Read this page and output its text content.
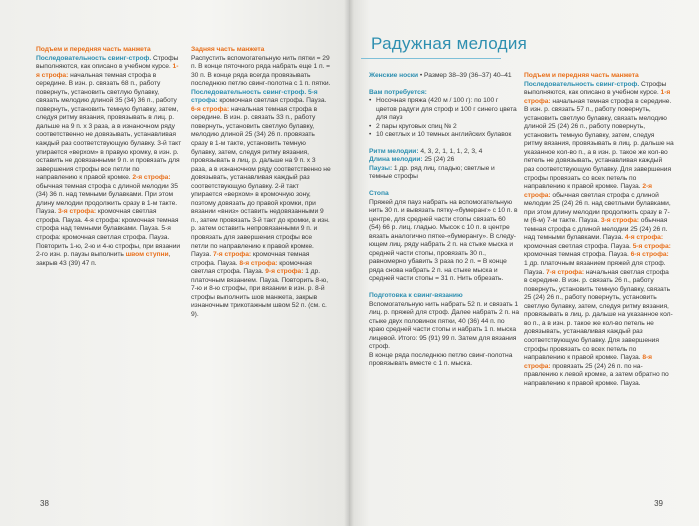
Подъем и передняя часть манжета

Последовательность свинг-строф. Строфы выполняются, как описано в учебном курсе. 1-я строфа: начальная темная строфа в середине. В изн. р. связать 68 п., работу повернуть, установить светлую булавку, связать мелодию длиной 35 (34) 36 п., работу повернуть, установить темную булавку, затем, следуя ритму вязания, провязывать в лиц. р. дальше на 9 п. x 3 раза, а в изнаночном ряду соответственно не довязывать, устанавливая каждый раз соответствующую булавку. 3-й такт упирается «верхом» в правую кромку, в изн. р. оставить не довязанными 9 п. и провязать для завершения строфы все петли по направлению к правой кромке. 2-я строфа: обычная темная строфа с длиной мелодии 35 (34) 36 п. над темными булавками. При этом длину мелодии продолжить сразу в 1-м такте. Пауза. 3-я строфа: кромочная светлая строфа. Пауза. 4-я строфа: кромочная темная строфа над темными булавками. Пауза. 5-я строфа: кромочная светлая строфа. Пауза. Повторить 1-ю, 2-ю и 4-ю строфы, при вязании 2-го изн. р. паузы выполнить швом ступни, закрыв 43 (39) 47 п.

Задняя часть манжета

Распустить вспомогательную нить пятки = 29 п. В конце пяточного ряда набрать еще 1 п. = 30 п. В конце ряда всегда провязывать последнюю петлю свинг-полотна с 1 п. пятки.

Последовательность свинг-строф. 5-я строфа: кромочная светлая строфа. Пауза. 6-я строфа: начальная темная строфа в середине. В изн. р. связать 33 п., работу повернуть, установить светлую булавку, мелодию длиной 25 (34) 26 п. провязать сразу в 1-м такте, установить темную булавку, затем, следуя ритму вязания, провязывать в лиц. р. дальше на 9 п. x 3 раза, а в изнаночном ряду соответственно не довязывать, устанавливая каждый раз соответствующую булавку. 2-й такт упирается «верхом» в кромочную зону, поэтому довязать до правой кромки, при вязании «вниз» оставить недовязанными 9 п., затем провязать 3-й такт до кромки, в изн. р. затем оставить непровязанными 9 п. и провязать для завершения строфы все петли по направлению к правой кромке. Пауза. 7-я строфа: кромочная темная строфа. Пауза. 8-я строфа: кромочная светлая строфа. Пауза. 9-я строфа: 1 др. платочным вязанием. Пауза. Повторить 8-ю, 7-ю и 8-ю строфы, при вязании в изн. р. 8-й строфы выполнить шов манжета, закрыв изнаночным трикотажным швом 52 п. (см. с. 9).

38
Радужная мелодия

Женские носки • Размер 38–39 (36–37) 40–41

Вам потребуется:

• Носочная пряжа (420 м / 100 г): по 100 г цветов радуги для строф и 100 г синего цвета для пауз
• 2 пары круговых спиц № 2
• 10 светлых и 10 темных английских булавок

Ритм мелодии: 4, 3, 2, 1, 1, 1, 2, 3, 4

Длина мелодии: 25 (24) 26

Паузы: 1 др. ряд лиц. гладью; светлые и темные строфы

Стопа

Пряжей для пауз набрать на вспомогательную нить 30 п. и вывязать пятку-«бумеранг» с 10 п. в центре, для средней части стопы связать 60 (54) 66 р. лиц. гладью. Мысок с 10 п. в центре вязать аналогично пятке-«бумерангу». В следующем лиц. ряду набрать 2 п. на стыке мыска и средней части стопы, провязать 30 п., равномерно убавить 3 раза по 2 п. = В конце ряда снова набрать 2 п. на стыке мыска и средней части стопы = 31 п. Нить обрезать.

Подготовка к свинг-вязанию

Вспомогательную нить набрать 52 п. и связать 1 лиц. р. пряжей для строф. Далее набрать 2 п. на стыке двух половинок пятки, 40 (36) 44 п. по краю средней части стопы и набрать 1 п. мыска лицевой. Итого: 95 (91) 99 п. Затем для вязания строф.

В конце ряда последнюю петлю свинг-полотна провязывать вместе с 1 п. мыска.

Подъем и передняя часть манжета

Последовательность свинг-строф. Строфы выполняются, как описано в учебном курсе. 1-я строфа: начальная темная строфа в середине. В изн. р. связать 57 п., работу повернуть, установить светлую булавку, связать мелодию длиной 25 (24) 26 п., работу повернуть, установить темную булавку, затем, следуя ритму вязания, провязывать в лиц. р. дальше на указанное кол-во п., а в изн. р. такое же кол-во петель не довязывать, устанавливая каждый раз соответствующую булавку. Для завершения строфы провязать со всех петель по направлению к правой кромке. Пауза. 2-я строфа: обычная светлая строфа с длиной мелодии 25 (24) 26 п. над светлыми булавками, при этом длину мелодии продолжить сразу в 7-м (6-м) 7-м такте. Пауза. 3-я строфа: обычная темная строфа с длиной мелодии 25 (24) 26 п. над темными булавками. Пауза. 4-я строфа: кромочная светлая строфа. Пауза. 5-я строфа: кромочная темная строфа. Пауза. 6-я строфа: 1 др. платочным вязанием пряжей для строф. Пауза. 7-я строфа: начальная светлая строфа в середине. В изн. р. связать 26 п., работу повернуть, установить темную булавку, связать 25 (24) 26 п., работу повернуть, установить светлую булавку, затем, следуя ритму вязания, провязывать в лиц. р. дальше на указанное кол-во п., а в изн. р. такое же кол-во петель не довязывать, устанавливая каждый раз соответствующую булавку. Для завершения строфы провязать со всех петель по направлению к правой кромке. Пауза. 8-я строфа: провязать 25 (24) 26 п. по направлению к левой кромке, а затем обратно по направлению к правой кромке. Пауза.

39
